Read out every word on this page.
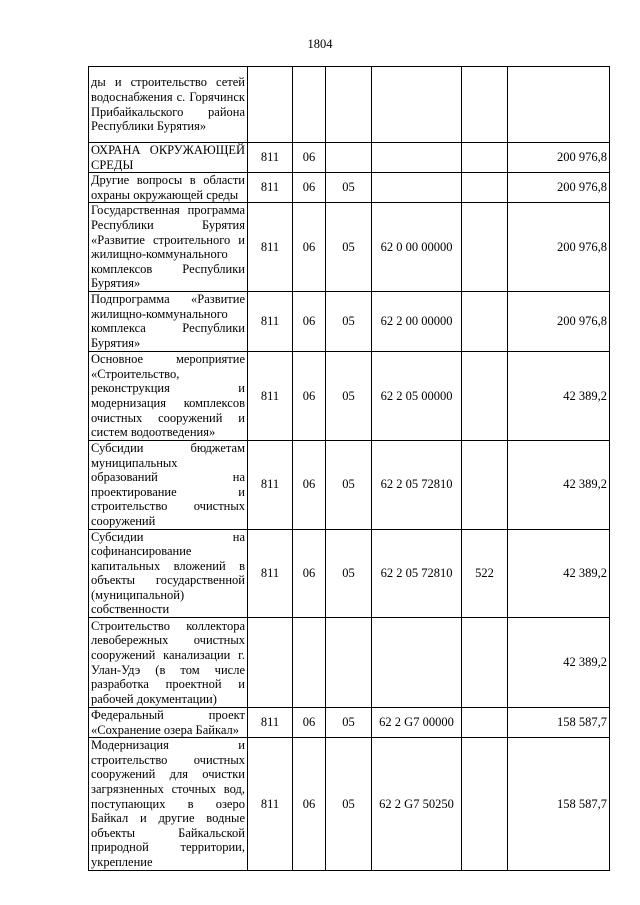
1804
ды и строительство сетей водоснабжения с. Горячинск Прибайкальского района Республики Бурятия»						
ОХРАНА ОКРУЖАЮЩЕЙ СРЕДЫ	811	06				200 976,8
Другие вопросы в области охраны окружающей среды	811	06	05			200 976,8
Государственная программа Республики Бурятия «Развитие строительного и жилищно-коммунального комплексов Республики Бурятия»	811	06	05	62 0 00 00000		200 976,8
Подпрограмма «Развитие жилищно-коммунального комплекса Республики Бурятия»	811	06	05	62 2 00 00000		200 976,8
Основное мероприятие «Строительство, реконструкция и модернизация комплексов очистных сооружений и систем водоотведения»	811	06	05	62 2 05 00000		42 389,2
Субсидии бюджетам муниципальных образований на проектирование и строительство очистных сооружений	811	06	05	62 2 05 72810		42 389,2
Субсидии на софинансирование капитальных вложений в объекты государственной (муниципальной) собственности	811	06	05	62 2 05 72810	522	42 389,2
Строительство коллектора левобережных очистных сооружений канализации г. Улан-Удэ (в том числе разработка проектной и рабочей документации)						42 389,2
Федеральный проект «Сохранение озера Байкал»	811	06	05	62 2 G7 00000		158 587,7
Модернизация и строительство очистных сооружений для очистки загрязненных сточных вод, поступающих в озеро Байкал и другие водные объекты Байкальской природной территории, укрепление	811	06	05	62 2 G7 50250		158 587,7
